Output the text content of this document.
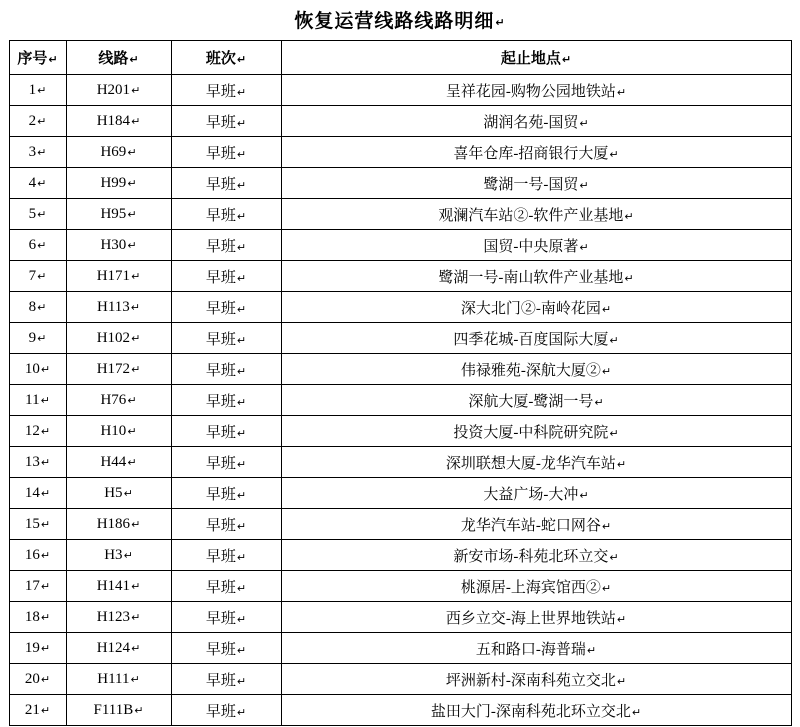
恢复运营线路线路明细↵
序号↵	线路↵	班次↵	起止地点↵
1↵	H201↵	早班↵	呈祥花园-购物公园地铁站↵
2↵	H184↵	早班↵	湖润名苑-国贸↵
3↵	H69↵	早班↵	喜年仓库-招商银行大厦↵
4↵	H99↵	早班↵	鹭湖一号-国贸↵
5↵	H95↵	早班↵	观澜汽车站②-软件产业基地↵
6↵	H30↵	早班↵	国贸-中央原著↵
7↵	H171↵	早班↵	鹭湖一号-南山软件产业基地↵
8↵	H113↵	早班↵	深大北门②-南岭花园↵
9↵	H102↵	早班↵	四季花城-百度国际大厦↵
10↵	H172↵	早班↵	伟禄雅苑-深航大厦②↵
11↵	H76↵	早班↵	深航大厦-鹭湖一号↵
12↵	H10↵	早班↵	投资大厦-中科院研究院↵
13↵	H44↵	早班↵	深圳联想大厦-龙华汽车站↵
14↵	H5↵	早班↵	大益广场-大冲↵
15↵	H186↵	早班↵	龙华汽车站-蛇口网谷↵
16↵	H3↵	早班↵	新安市场-科苑北环立交↵
17↵	H141↵	早班↵	桃源居-上海宾馆西②↵
18↵	H123↵	早班↵	西乡立交-海上世界地铁站↵
19↵	H124↵	早班↵	五和路口-海普瑞↵
20↵	H111↵	早班↵	坪洲新村-深南科苑立交北↵
21↵	F111B↵	早班↵	盐田大门-深南科苑北环立交北↵
